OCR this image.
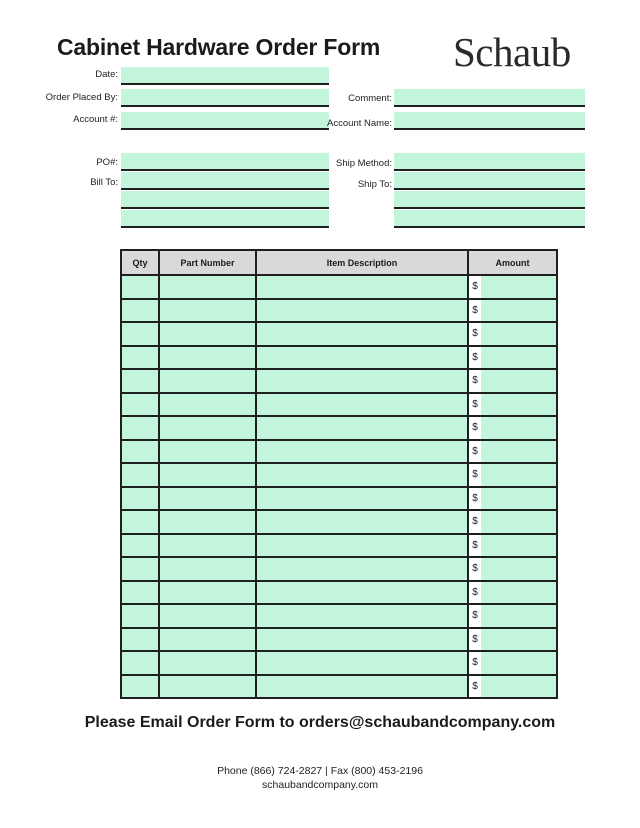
Cabinet Hardware Order Form Schaub
Date:
Order Placed By:
Account #:
Comment:
Account Name:
PO#:
Bill To:
Ship Method:
Ship To:
Qty	Part Number	Item Description	Amount

			$

			$

			$

			$

			$

			$

			$

			$

			$

			$

			$

			$

			$

			$

			$

			$

			$

			$
Please Email Order Form to orders@schaubandcompany.com
Phone (866) 724-2827 | Fax (800) 453-2196
schaubandcompany.com
